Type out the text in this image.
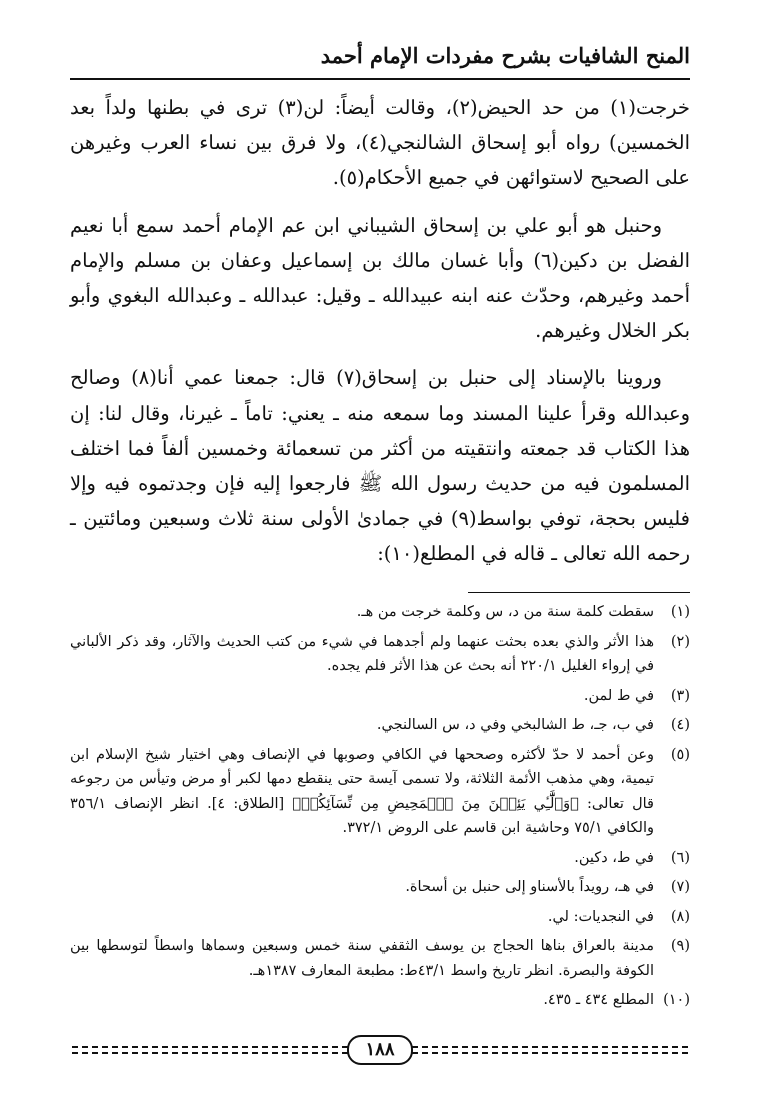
المنح الشافيات بشرح مفردات الإمام أحمد

خرجت(١) من حد الحيض(٢)، وقالت أيضاً: لن(٣) ترى في بطنها ولداً بعد الخمسين) رواه أبو إسحاق الشالنجي(٤)، ولا فرق بين نساء العرب وغيرهن على الصحيح لاستوائهن في جميع الأحكام(٥).

وحنبل هو أبو علي بن إسحاق الشيباني ابن عم الإمام أحمد سمع أبا نعيم الفضل بن دكين(٦) وأبا غسان مالك بن إسماعيل وعفان بن مسلم والإمام أحمد وغيرهم، وحدّث عنه ابنه عبيدالله ـ وقيل: عبدالله ـ وعبدالله البغوي وأبو بكر الخلال وغيرهم.

وروينا بالإسناد إلى حنبل بن إسحاق(٧) قال: جمعنا عمي أنا(٨) وصالح وعبدالله وقرأ علينا المسند وما سمعه منه ـ يعني: تاماً ـ غيرنا، وقال لنا: إن هذا الكتاب قد جمعته وانتقيته من أكثر من تسعمائة وخمسين ألفاً فما اختلف المسلمون فيه من حديث رسول الله ﷺ فارجعوا إليه فإن وجدتموه فيه وإلا فليس بحجة، توفي بواسط(٩) في جمادىٰ الأولى سنة ثلاث وسبعين ومائتين ـ رحمه الله تعالى ـ قاله في المطلع(١٠):

(١)
سقطت كلمة سنة من د، س وكلمة خرجت من هـ.
(٢)
هذا الأثر والذي بعده بحثت عنهما ولم أجدهما في شيء من كتب الحديث والآثار، وقد ذكر الألباني في إرواء الغليل ٢٢٠/١ أنه بحث عن هذا الأثر فلم يجده.
(٣)
في ط لمن.
(٤)
في ب، جـ، ط الشالبخي وفي د، س السالنجي.
(٥)
وعن أحمد لا حدّ لأكثره وصححها في الكافي وصوبها في الإنصاف وهي اختيار شيخ الإسلام ابن تيمية، وهي مذهب الأئمة الثلاثة، ولا تسمى آيسة حتى ينقطع دمها لكبر أو مرض وتيأس من رجوعه قال تعالى: ﴿وَٱلَّٰٓـِٔي يَئِسۡنَ مِنَ ٱلۡمَحِيضِ مِن نِّسَآئِكُمۡ﴾ [الطلاق: ٤]. انظر الإنصاف ٣٥٦/١ والكافي ٧٥/١ وحاشية ابن قاسم على الروض ٣٧٢/١.
(٦)
في ط، دكين.
(٧)
في هـ، رويداً بالأسناو إلى حنبل بن أسحاة.
(٨)
في النجديات: لي.
(٩)
مدينة بالعراق بناها الحجاج بن يوسف الثقفي سنة خمس وسبعين وسماها واسطاً لتوسطها بين الكوفة والبصرة. انظر تاريخ واسط ٤٣/١ط: مطبعة المعارف ١٣٨٧هـ.
(١٠)
المطلع ٤٣٤ ـ ٤٣٥.
١٨٨
